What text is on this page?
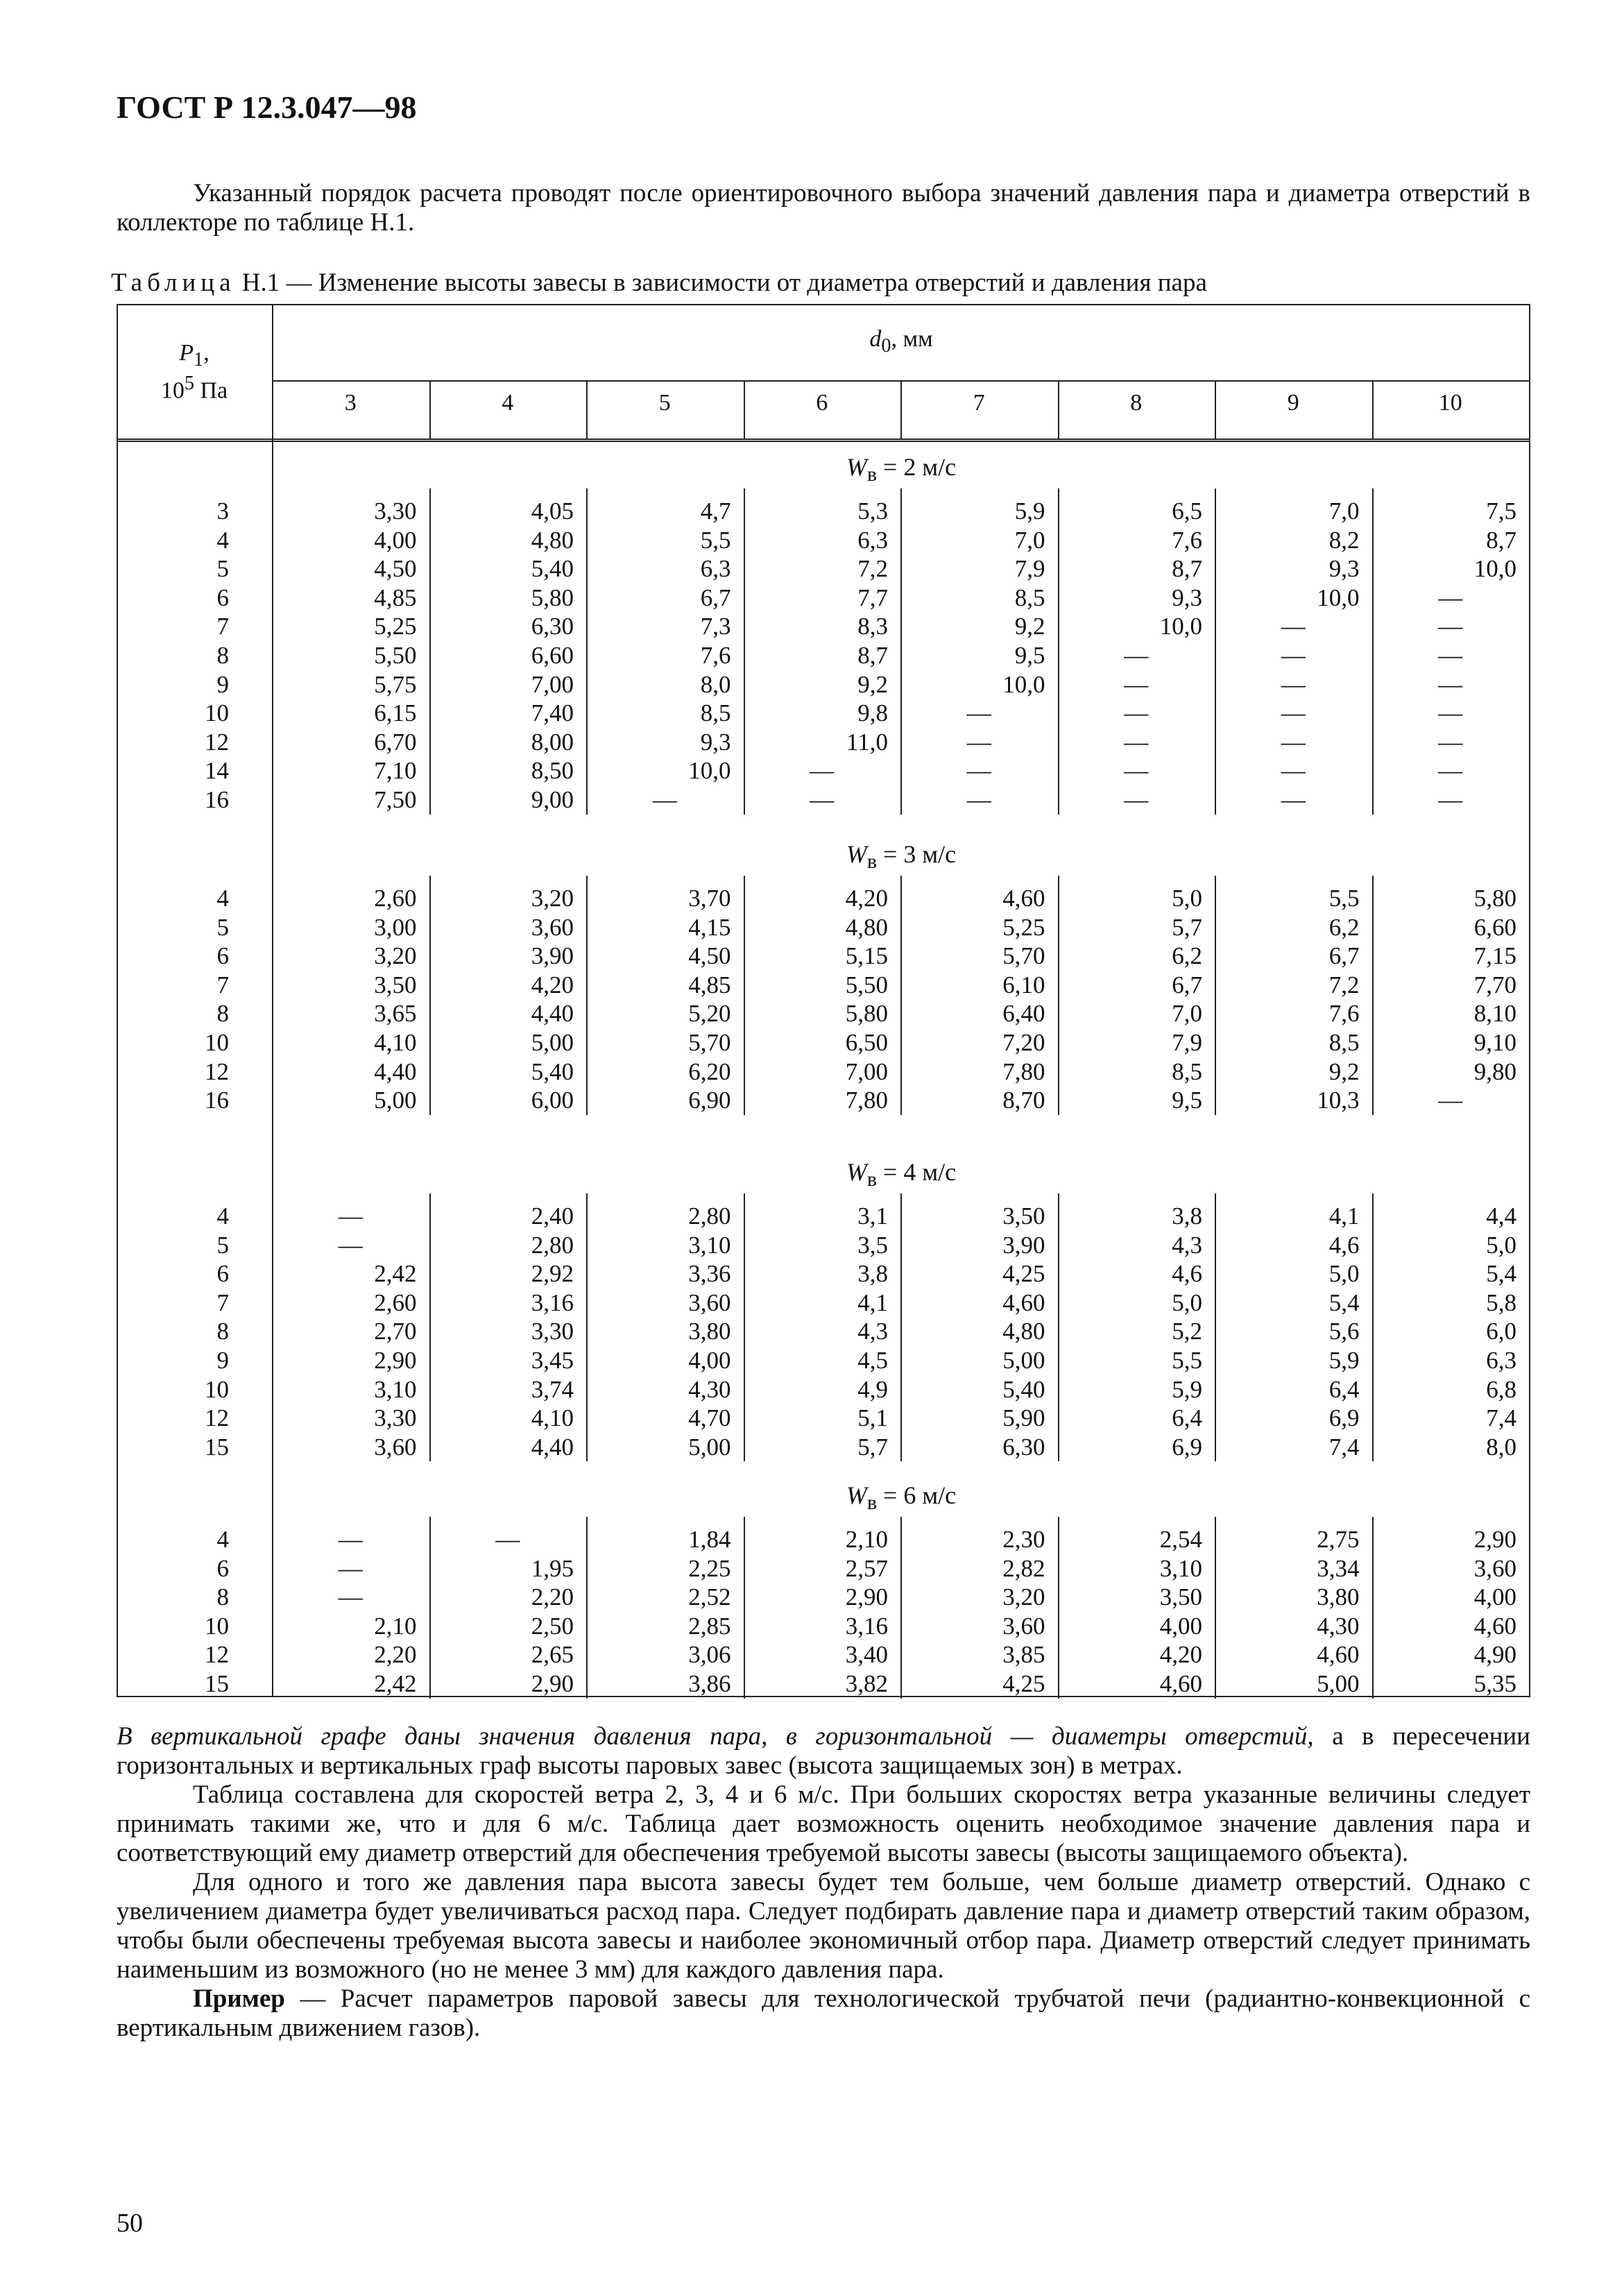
ГОСТ Р 12.3.047—98

Указанный порядок расчета проводят после ориентировочного выбора значений давления пара и диаметра отверстий в коллекторе по таблице Н.1.

Таблица Н.1 — Изменение высоты завесы в зависимости от диаметра отверстий и давления пара
$P_1$,
$10^5$ Па
$d_0$, мм
3	4	5	6	7	8	9	10
$W_в = 2$ м/с
3	3,30	4,05	4,7	5,3	5,9	6,5	7,0	7,5
4	4,00	4,80	5,5	6,3	7,0	7,6	8,2	8,7
5	4,50	5,40	6,3	7,2	7,9	8,7	9,3	10,0
6	4,85	5,80	6,7	7,7	8,5	9,3	10,0	—
7	5,25	6,30	7,3	8,3	9,2	10,0	—	—
8	5,50	6,60	7,6	8,7	9,5	—	—	—
9	5,75	7,00	8,0	9,2	10,0	—	—	—
10	6,15	7,40	8,5	9,8	—	—	—	—
12	6,70	8,00	9,3	11,0	—	—	—	—
14	7,10	8,50	10,0	—	—	—	—	—
16	7,50	9,00	—	—	—	—	—	—
$W_в = 3$ м/с
4	2,60	3,20	3,70	4,20	4,60	5,0	5,5	5,80
5	3,00	3,60	4,15	4,80	5,25	5,7	6,2	6,60
6	3,20	3,90	4,50	5,15	5,70	6,2	6,7	7,15
7	3,50	4,20	4,85	5,50	6,10	6,7	7,2	7,70
8	3,65	4,40	5,20	5,80	6,40	7,0	7,6	8,10
10	4,10	5,00	5,70	6,50	7,20	7,9	8,5	9,10
12	4,40	5,40	6,20	7,00	7,80	8,5	9,2	9,80
16	5,00	6,00	6,90	7,80	8,70	9,5	10,3	—
$W_в = 4$ м/с
4	—	2,40	2,80	3,1	3,50	3,8	4,1	4,4
5	—	2,80	3,10	3,5	3,90	4,3	4,6	5,0
6	2,42	2,92	3,36	3,8	4,25	4,6	5,0	5,4
7	2,60	3,16	3,60	4,1	4,60	5,0	5,4	5,8
8	2,70	3,30	3,80	4,3	4,80	5,2	5,6	6,0
9	2,90	3,45	4,00	4,5	5,00	5,5	5,9	6,3
10	3,10	3,74	4,30	4,9	5,40	5,9	6,4	6,8
12	3,30	4,10	4,70	5,1	5,90	6,4	6,9	7,4
15	3,60	4,40	5,00	5,7	6,30	6,9	7,4	8,0
$W_в = 6$ м/с
4	—	—	1,84	2,10	2,30	2,54	2,75	2,90
6	—	1,95	2,25	2,57	2,82	3,10	3,34	3,60
8	—	2,20	2,52	2,90	3,20	3,50	3,80	4,00
10	2,10	2,50	2,85	3,16	3,60	4,00	4,30	4,60
12	2,20	2,65	3,06	3,40	3,85	4,20	4,60	4,90
15	2,42	2,90	3,86	3,82	4,25	4,60	5,00	5,35

В вертикальной графе даны значения давления пара, в горизонтальной — диаметры отверстий, а в пересечении горизонтальных и вертикальных граф высоты паровых завес (высота защищаемых зон) в метрах.

Таблица составлена для скоростей ветра 2, 3, 4 и 6 м/с. При больших скоростях ветра указанные величины следует принимать такими же, что и для 6 м/с. Таблица дает возможность оценить необходимое значение давления пара и соответствующий ему диаметр отверстий для обеспечения требуемой высоты завесы (высоты защищаемого объекта).

Для одного и того же давления пара высота завесы будет тем больше, чем больше диаметр отверстий. Однако с увеличением диаметра будет увеличиваться расход пара. Следует подбирать давление пара и диаметр отверстий таким образом, чтобы были обеспечены требуемая высота завесы и наиболее экономичный отбор пара. Диаметр отверстий следует принимать наименьшим из возможного (но не менее 3 мм) для каждого давления пара.

Пример — Расчет параметров паровой завесы для технологической трубчатой печи (радиантно-конвекционной с вертикальным движением газов).

50
